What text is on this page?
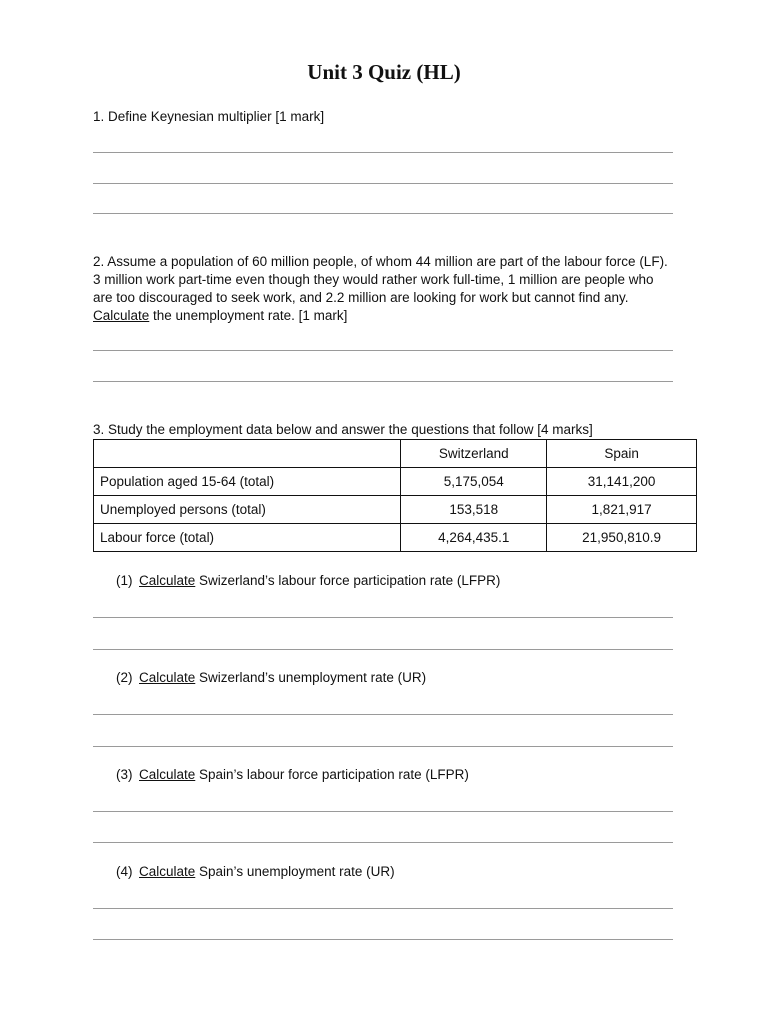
Unit 3 Quiz (HL)
1. Define Keynesian multiplier [1 mark]
2. Assume a population of 60 million people, of whom 44 million are part of the labour force (LF). 3 million work part-time even though they would rather work full-time, 1 million are people who are too discouraged to seek work, and 2.2 million are looking for work but cannot find any. Calculate the unemployment rate. [1 mark]
3. Study the employment data below and answer the questions that follow [4 marks]
	Switzerland	Spain
Population aged 15-64 (total)	5,175,054	31,141,200
Unemployed persons (total)	153,518	1,821,917
Labour force (total)	4,264,435.1	21,950,810.9
(1) Calculate Swizerland’s labour force participation rate (LFPR)
(2) Calculate Swizerland’s unemployment rate (UR)
(3) Calculate Spain’s labour force participation rate (LFPR)
(4) Calculate Spain’s unemployment rate (UR)
